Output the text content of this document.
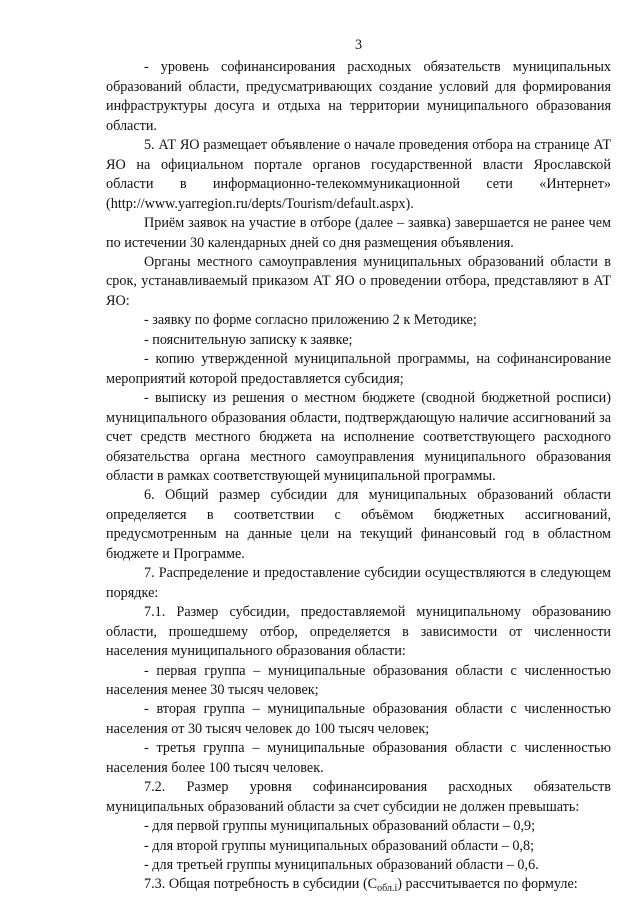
3

- уровень софинансирования расходных обязательств муниципальных образований области, предусматривающих создание условий для формирования инфраструктуры досуга и отдыха на территории муниципального образования области.

5. АТ ЯО размещает объявление о начале проведения отбора на странице АТ ЯО на официальном портале органов государственной власти Ярославской области в информационно-телекоммуникационной сети «Интернет» (http://www.yarregion.ru/depts/Tourism/default.aspx).

Приём заявок на участие в отборе (далее – заявка) завершается не ранее чем по истечении 30 календарных дней со дня размещения объявления.

Органы местного самоуправления муниципальных образований области в срок, устанавливаемый приказом АТ ЯО о проведении отбора, представляют в АТ ЯО:

- заявку по форме согласно приложению 2 к Методике;

- пояснительную записку к заявке;

- копию утвержденной муниципальной программы, на софинансирование мероприятий которой предоставляется субсидия;

- выписку из решения о местном бюджете (сводной бюджетной росписи) муниципального образования области, подтверждающую наличие ассигнований за счет средств местного бюджета на исполнение соответствующего расходного обязательства органа местного самоуправления муниципального образования области в рамках соответствующей муниципальной программы.

6. Общий размер субсидии для муниципальных образований области определяется в соответствии с объёмом бюджетных ассигнований, предусмотренным на данные цели на текущий финансовый год в областном бюджете и Программе.

7. Распределение и предоставление субсидии осуществляются в следующем порядке:

7.1. Размер субсидии, предоставляемой муниципальному образованию области, прошедшему отбор, определяется в зависимости от численности населения муниципального образования области:

- первая группа – муниципальные образования области с численностью населения менее 30 тысяч человек;

- вторая группа – муниципальные образования области с численностью населения от 30 тысяч человек до 100 тысяч человек;

- третья группа – муниципальные образования области с численностью населения более 100 тысяч человек.

7.2. Размер уровня софинансирования расходных обязательств муниципальных образований области за счет субсидии не должен превышать:

- для первой группы муниципальных образований области – 0,9;

- для второй группы муниципальных образований области – 0,8;

- для третьей группы муниципальных образований области – 0,6.

7.3. Общая потребность в субсидии $(C_{обл.i})$ рассчитывается по формуле:
